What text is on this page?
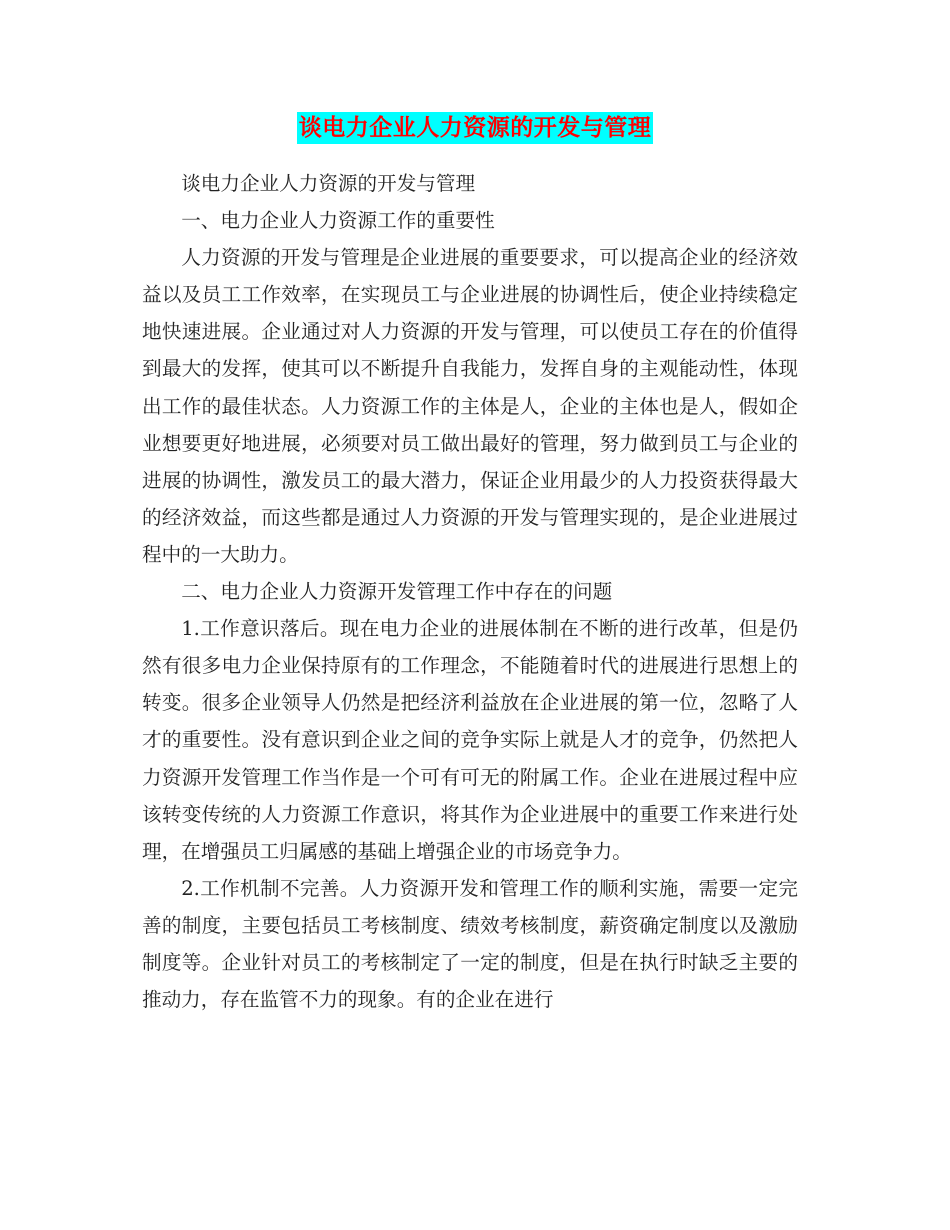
谈电力企业人力资源的开发与管理

谈电力企业人力资源的开发与管理

一、电力企业人力资源工作的重要性

人力资源的开发与管理是企业进展的重要要求，可以提高企业的经济效益以及员工工作效率，在实现员工与企业进展的协调性后，使企业持续稳定地快速进展。企业通过对人力资源的开发与管理，可以使员工存在的价值得到最大的发挥，使其可以不断提升自我能力，发挥自身的主观能动性，体现出工作的最佳状态。人力资源工作的主体是人，企业的主体也是人，假如企业想要更好地进展，必须要对员工做出最好的管理，努力做到员工与企业的进展的协调性，激发员工的最大潜力，保证企业用最少的人力投资获得最大的经济效益，而这些都是通过人力资源的开发与管理实现的，是企业进展过程中的一大助力。

二、电力企业人力资源开发管理工作中存在的问题

1.工作意识落后。现在电力企业的进展体制在不断的进行改革，但是仍然有很多电力企业保持原有的工作理念，不能随着时代的进展进行思想上的转变。很多企业领导人仍然是把经济利益放在企业进展的第一位，忽略了人才的重要性。没有意识到企业之间的竞争实际上就是人才的竞争，仍然把人力资源开发管理工作当作是一个可有可无的附属工作。企业在进展过程中应该转变传统的人力资源工作意识，将其作为企业进展中的重要工作来进行处理，在增强员工归属感的基础上增强企业的市场竞争力。

2.工作机制不完善。人力资源开发和管理工作的顺利实施，需要一定完善的制度，主要包括员工考核制度、绩效考核制度，薪资确定制度以及激励制度等。企业针对员工的考核制定了一定的制度，但是在执行时缺乏主要的推动力，存在监管不力的现象。有的企业在进行
